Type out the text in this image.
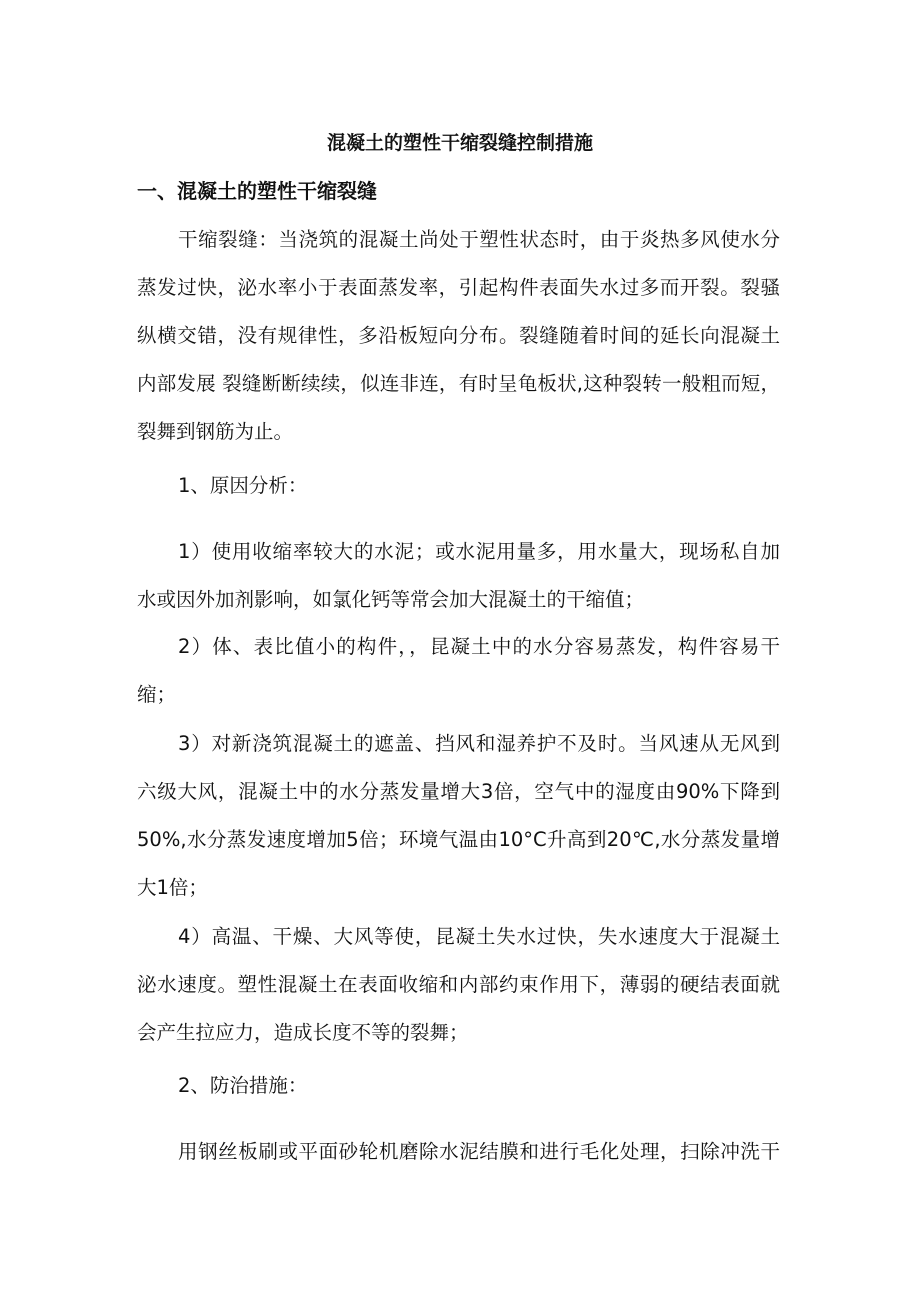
混凝土的塑性干缩裂缝控制措施
一、混凝土的塑性干缩裂缝
干缩裂缝：当浇筑的混凝土尚处于塑性状态时，由于炎热多风使水分
蒸发过快，泌水率小于表面蒸发率，引起构件表面失水过多而开裂。裂骚
纵横交错，没有规律性，多沿板短向分布。裂缝随着时间的延长向混凝土
内部发展 裂缝断断续续，似连非连，有时呈龟板状,这种裂转一般粗而短，
裂舞到钢筋为止。
1、原因分析：
1）使用收缩率较大的水泥；或水泥用量多，用水量大，现场私自加
水或因外加剂影响，如氯化钙等常会加大混凝土的干缩值；
2）体、表比值小的构件，，昆凝土中的水分容易蒸发，构件容易干
缩；
3）对新浇筑混凝土的遮盖、挡风和湿养护不及时。当风速从无风到
六级大风，混凝土中的水分蒸发量增大3倍，空气中的湿度由90%下降到
50%,水分蒸发速度增加5倍；环境气温由10°C升高到20℃,水分蒸发量增
大1倍；
4）高温、干燥、大风等使，昆凝土失水过快，失水速度大于混凝土
泌水速度。塑性混凝土在表面收缩和内部约束作用下，薄弱的硬结表面就
会产生拉应力，造成长度不等的裂舞；
2、防治措施：
用钢丝板刷或平面砂轮机磨除水泥结膜和进行毛化处理，扫除冲洗干
